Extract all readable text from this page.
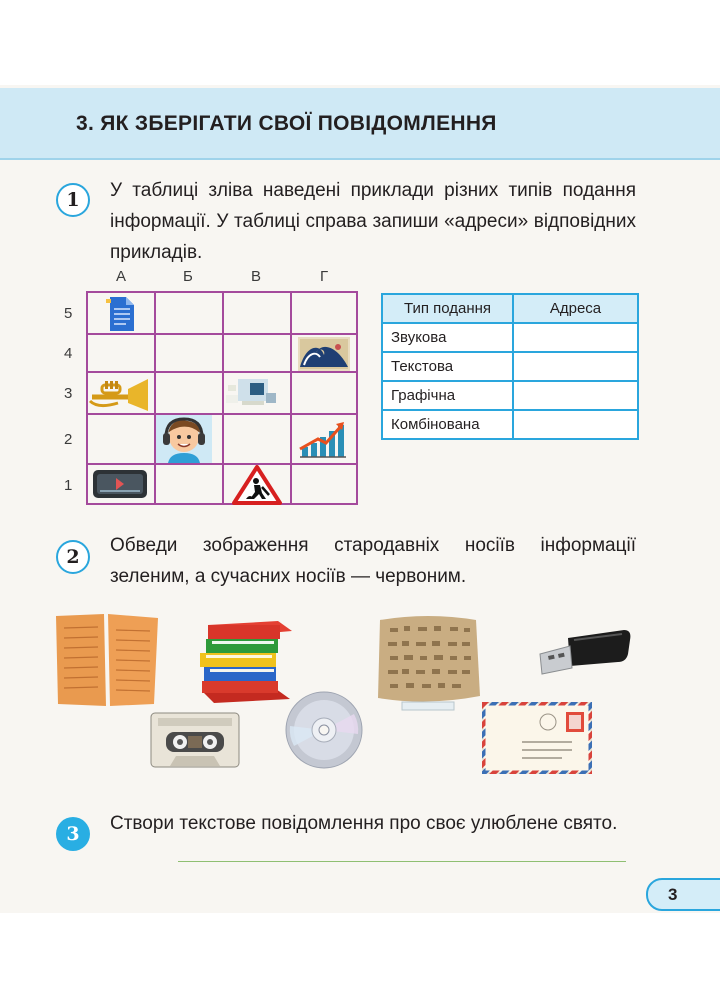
3. ЯК ЗБЕРІГАТИ СВОЇ ПОВІДОМЛЕННЯ
1	У таблиці зліва наведені приклади різних типів подання інформації. У таблиці справа запиши «адреси» відповідних прикладів.
А	Б	В	Г
5
4
3
2
1
Тип подання	Адреса
Звукова	
Текстова	
Графічна	
Комбінована	
2
Обведи зображення стародавніх носіїв інформації зеленим, а сучасних носіїв — червоним.
3	Створи текстове повідомлення про своє улюблене свято.
3
